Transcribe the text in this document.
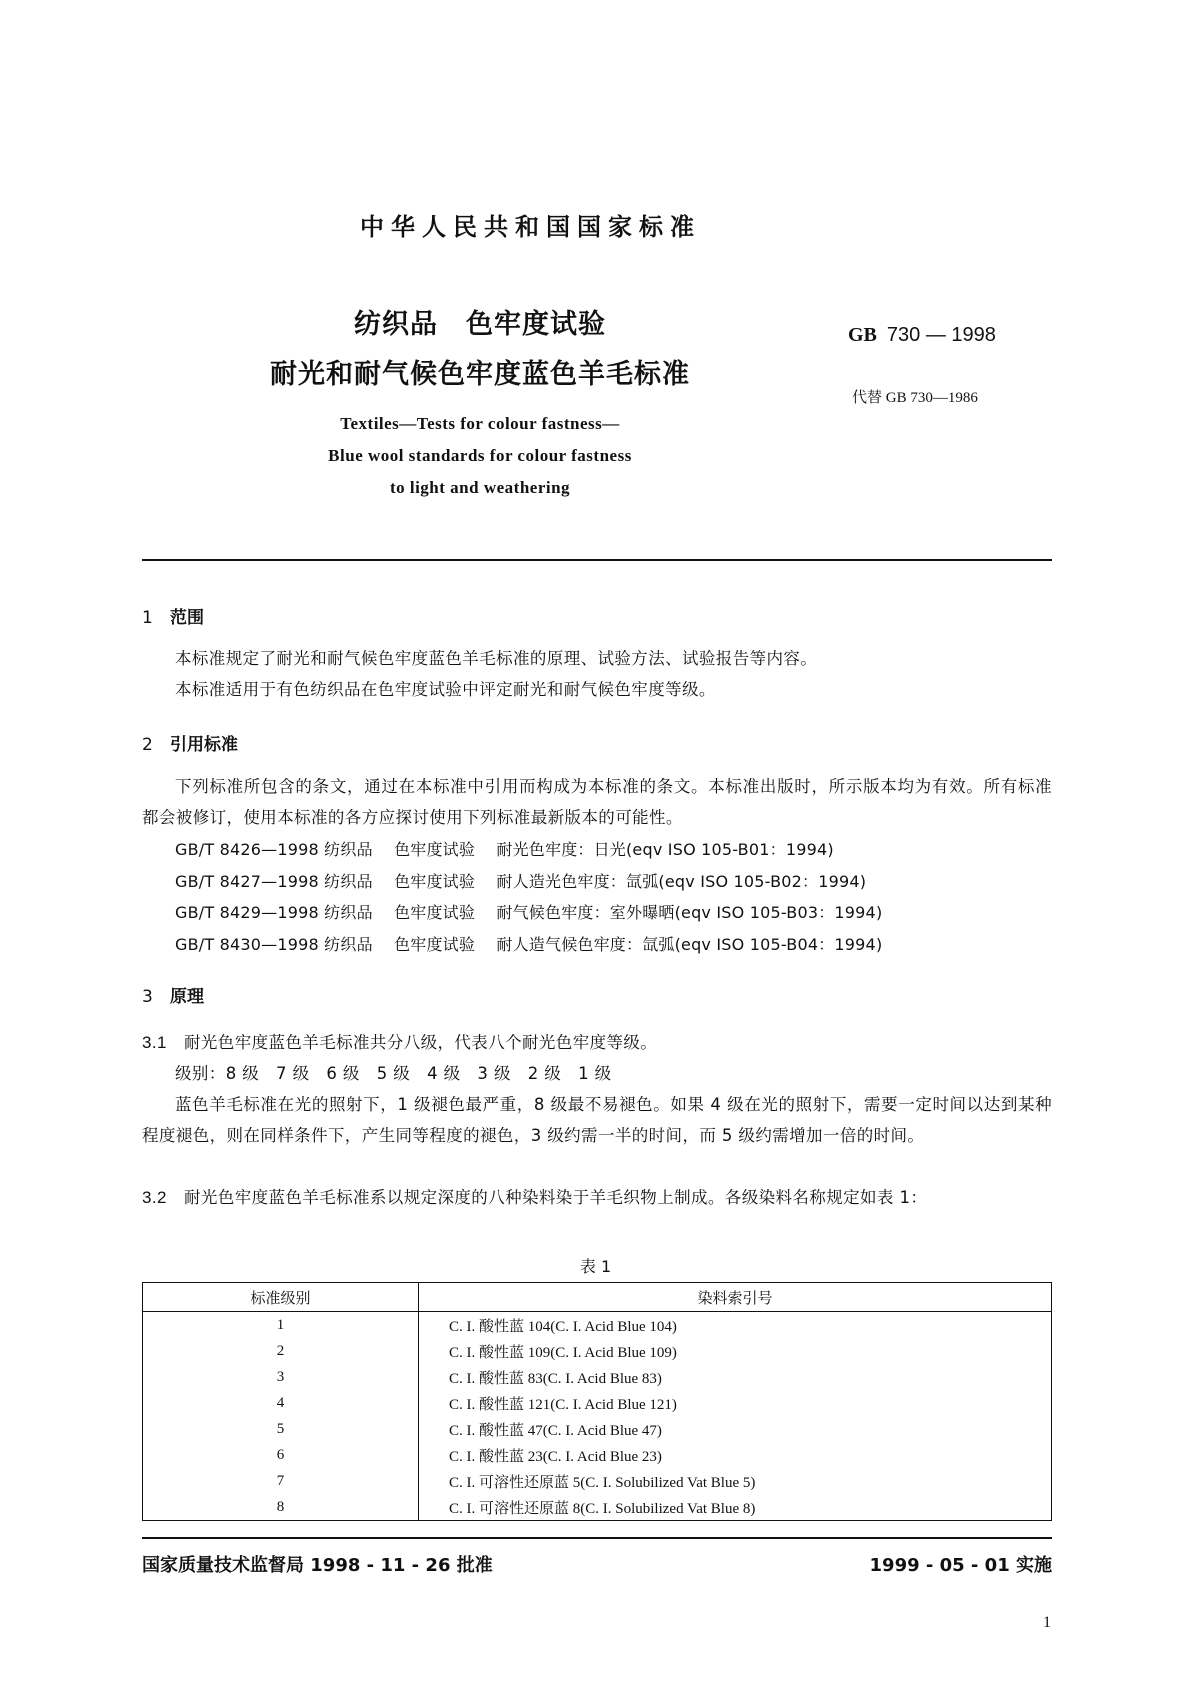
中华人民共和国国家标准
纺织品　色牢度试验
耐光和耐气候色牢度蓝色羊毛标准
GB 730 — 1998
代替 GB 730—1986
Textiles—Tests for colour fastness—
Blue wool standards for colour fastness
to light and weathering
1 范围
本标准规定了耐光和耐气候色牢度蓝色羊毛标准的原理、试验方法、试验报告等内容。
本标准适用于有色纺织品在色牢度试验中评定耐光和耐气候色牢度等级。
2 引用标准
下列标准所包含的条文，通过在本标准中引用而构成为本标准的条文。本标准出版时，所示版本均为有效。所有标准都会被修订，使用本标准的各方应探讨使用下列标准最新版本的可能性。
GB/T 8426—1998 纺织品 色牢度试验 耐光色牢度：日光(eqv ISO 105-B01：1994)
GB/T 8427—1998 纺织品 色牢度试验 耐人造光色牢度：氙弧(eqv ISO 105-B02：1994)
GB/T 8429—1998 纺织品 色牢度试验 耐气候色牢度：室外曝晒(eqv ISO 105-B03：1994)
GB/T 8430—1998 纺织品 色牢度试验 耐人造气候色牢度：氙弧(eqv ISO 105-B04：1994)
3 原理
3.1 耐光色牢度蓝色羊毛标准共分八级，代表八个耐光色牢度等级。
级别：8 级　7 级　6 级　5 级　4 级　3 级　2 级　1 级
蓝色羊毛标准在光的照射下，1 级褪色最严重，8 级最不易褪色。如果 4 级在光的照射下，需要一定时间以达到某种程度褪色，则在同样条件下，产生同等程度的褪色，3 级约需一半的时间，而 5 级约需增加一倍的时间。
3.2 耐光色牢度蓝色羊毛标准系以规定深度的八种染料染于羊毛织物上制成。各级染料名称规定如表 1：
表 1
标准级别	染料索引号
1	C. I. 酸性蓝 104(C. I. Acid Blue 104)
2	C. I. 酸性蓝 109(C. I. Acid Blue 109)
3	C. I. 酸性蓝 83(C. I. Acid Blue 83)
4	C. I. 酸性蓝 121(C. I. Acid Blue 121)
5	C. I. 酸性蓝 47(C. I. Acid Blue 47)
6	C. I. 酸性蓝 23(C. I. Acid Blue 23)
7	C. I. 可溶性还原蓝 5(C. I. Solubilized Vat Blue 5)
8	C. I. 可溶性还原蓝 8(C. I. Solubilized Vat Blue 8)
国家质量技术监督局 1998 - 11 - 26 批准	1999 - 05 - 01 实施
1
